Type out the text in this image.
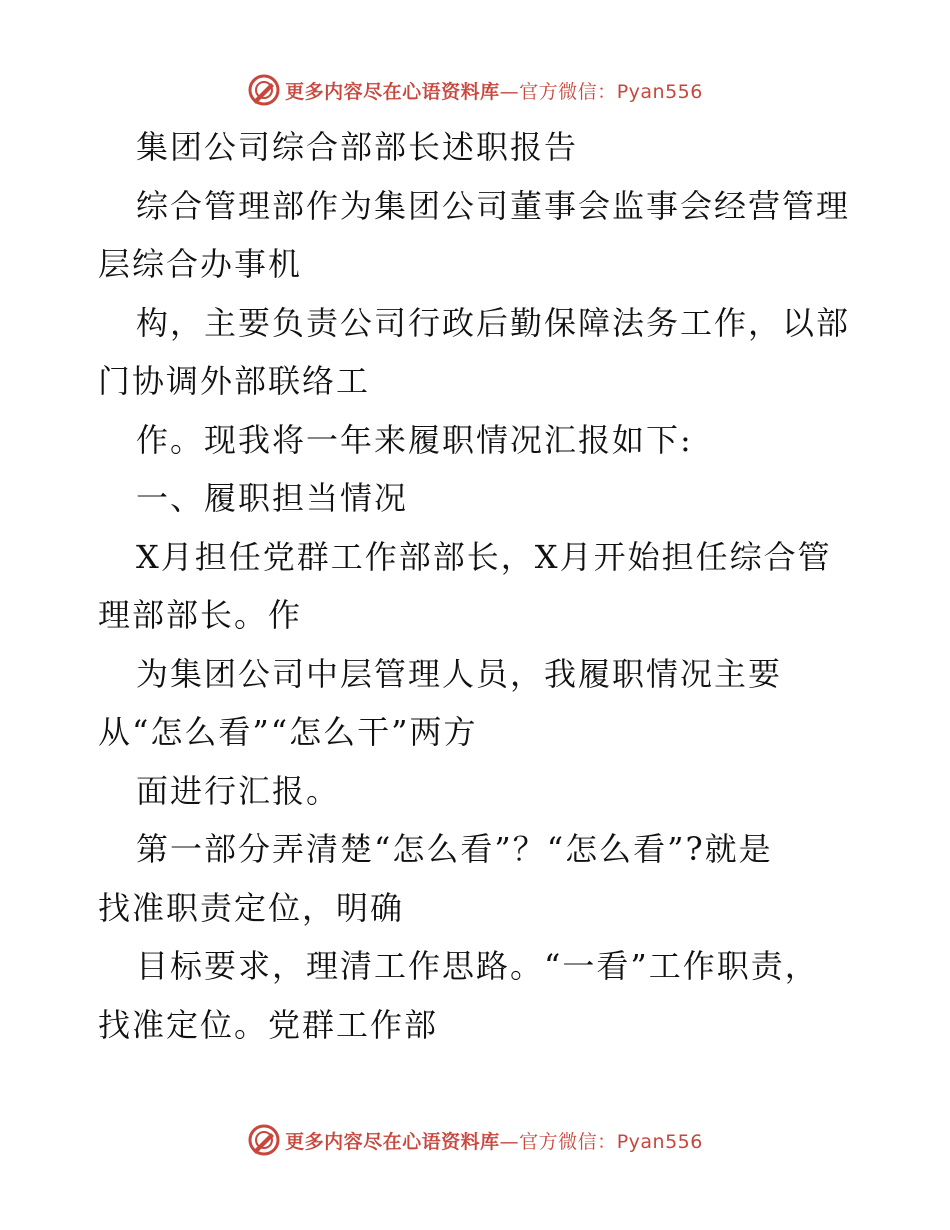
更多内容尽在心语资料库—官方微信：Pyan556
集团公司综合部部长述职报告
综合管理部作为集团公司董事会监事会经营管理
层综合办事机
构，主要负责公司行政后勤保障法务工作，以部
门协调外部联络工
作。现我将一年来履职情况汇报如下:
一、履职担当情况
X月担任党群工作部部长，X月开始担任综合管
理部部长。作
为集团公司中层管理人员，我履职情况主要
从“怎么看”“怎么干”两方
面进行汇报。
第一部分弄清楚“怎么看”？“怎么看”?就是
找准职责定位，明确
目标要求，理清工作思路。“一看”工作职责，
找准定位。党群工作部
更多内容尽在心语资料库—官方微信：Pyan556
